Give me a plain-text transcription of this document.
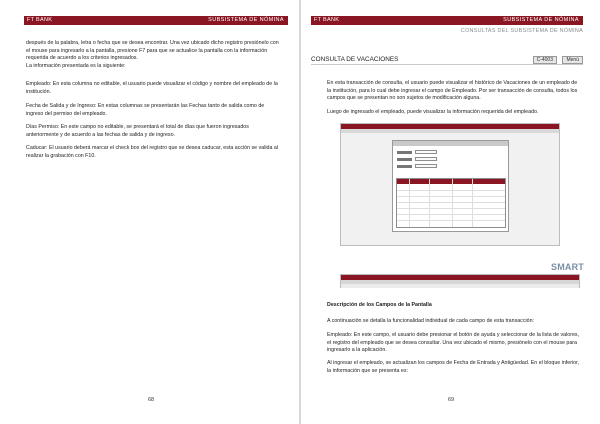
FT BANK	SUBSISTEMA DE NÓMINA

después de la palabra, letra o fecha que se desea encontrar. Una vez ubicado dicho registro presiónelo con el mouse para ingresarlo a la pantalla, presione F7 para que se actualice la pantalla con la información requerida de acuerdo a los criterios ingresados.

La información presentada es la siguiente:

Empleado: En esta columna no editable, el usuario puede visualizar el código y nombre del empleado de la institución.

Fecha de Salida y de Ingreso: En estas columnas se presentarán las Fechas tanto de salida como de ingreso del permiso del empleado.

Días Permiso: En este campo no editable, se presentará el total de días que fueron ingresados anteriormente y de acuerdo a las fechas de salida y de ingreso.

Caducar: El usuario deberá marcar el check box del registro que se desea caducar, esta acción se valida al realizar la grabación con F10.

68
FT BANK	SUBSISTEMA DE NÓMINA
CONSULTAS DEL SUBSISTEMA DE NÓMINA
CONSULTA DE VACACIONES	C-4003	Menú

En esta transacción de consulta, el usuario puede visualizar el histórico de Vacaciones de un empleado de la institución, para lo cual debe ingresar el campo de Empleado. Por ser transacción de consulta, todos los campos que se presentan no son sujetos de modificación alguna.

Luego de ingresado el empleado, puede visualizar la información requerida del empleado.

Descripción de los Campos de la Pantalla

A continuación se detalla la funcionalidad individual de cada campo de esta transacción:

Empleado: En este campo, el usuario debe presionar el botón de ayuda y seleccionar de la lista de valores, el registro del empleado que se desea consultar. Una vez ubicado el mismo, presiónelo con el mouse para ingresarlo a la aplicación.

Al ingresar el empleado, se actualizan los campos de Fecha de Entrada y Antigüedad. En el bloque inferior, la información que se presenta es:

69
SMART
